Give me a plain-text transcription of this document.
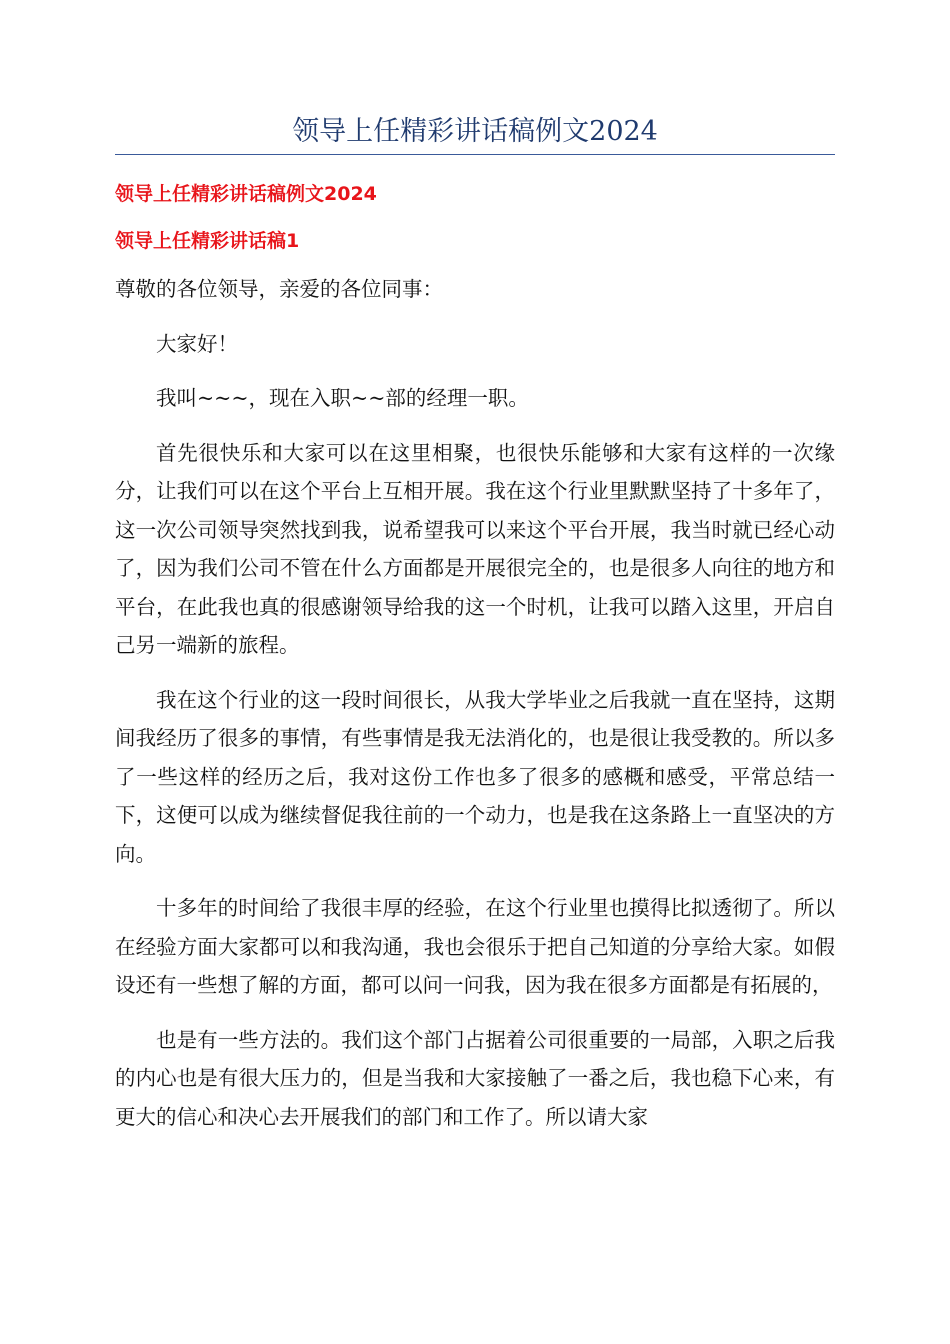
领导上任精彩讲话稿例文2024
领导上任精彩讲话稿例文2024
领导上任精彩讲话稿1

尊敬的各位领导，亲爱的各位同事：

大家好！

我叫~~~，现在入职~~部的经理一职。

首先很快乐和大家可以在这里相聚，也很快乐能够和大家有这样的一次缘分，让我们可以在这个平台上互相开展。我在这个行业里默默坚持了十多年了，这一次公司领导突然找到我，说希望我可以来这个平台开展，我当时就已经心动了，因为我们公司不管在什么方面都是开展很完全的，也是很多人向往的地方和平台，在此我也真的很感谢领导给我的这一个时机，让我可以踏入这里，开启自己另一端新的旅程。

我在这个行业的这一段时间很长，从我大学毕业之后我就一直在坚持，这期间我经历了很多的事情，有些事情是我无法消化的，也是很让我受教的。所以多了一些这样的经历之后，我对这份工作也多了很多的感概和感受，平常总结一下，这便可以成为继续督促我往前的一个动力，也是我在这条路上一直坚决的方向。

十多年的时间给了我很丰厚的经验，在这个行业里也摸得比拟透彻了。所以在经验方面大家都可以和我沟通，我也会很乐于把自己知道的分享给大家。如假设还有一些想了解的方面，都可以问一问我，因为我在很多方面都是有拓展的，

也是有一些方法的。我们这个部门占据着公司很重要的一局部，入职之后我的内心也是有很大压力的，但是当我和大家接触了一番之后，我也稳下心来，有更大的信心和决心去开展我们的部门和工作了。所以请大家
